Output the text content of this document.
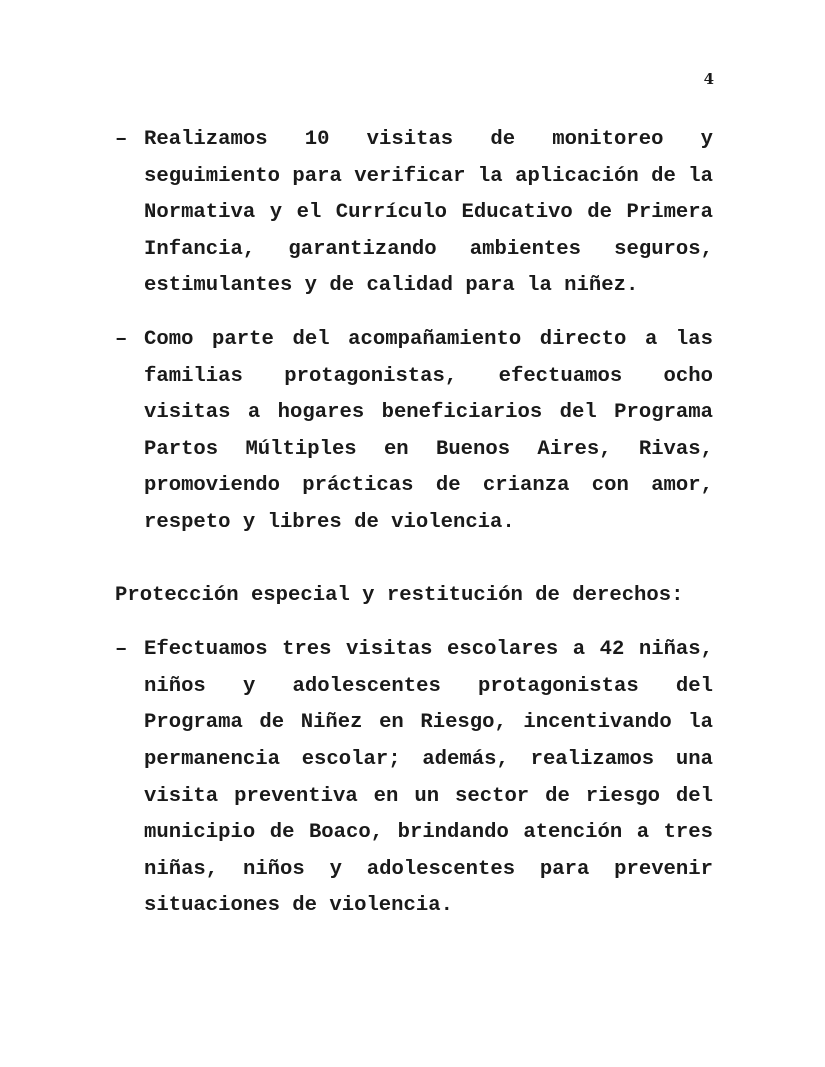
4
– Realizamos 10 visitas de monitoreo y seguimiento para verificar la aplicación de la Normativa y el Currículo Educativo de Primera Infancia, garantizando ambientes seguros, estimulantes y de calidad para la niñez.
– Como parte del acompañamiento directo a las familias protagonistas, efectuamos ocho visitas a hogares beneficiarios del Programa Partos Múltiples en Buenos Aires, Rivas, promoviendo prácticas de crianza con amor, respeto y libres de violencia.
Protección especial y restitución de derechos:
– Efectuamos tres visitas escolares a 42 niñas, niños y adolescentes protagonistas del Programa de Niñez en Riesgo, incentivando la permanencia escolar; además, realizamos una visita preventiva en un sector de riesgo del municipio de Boaco, brindando atención a tres niñas, niños y adolescentes para prevenir situaciones de violencia.
